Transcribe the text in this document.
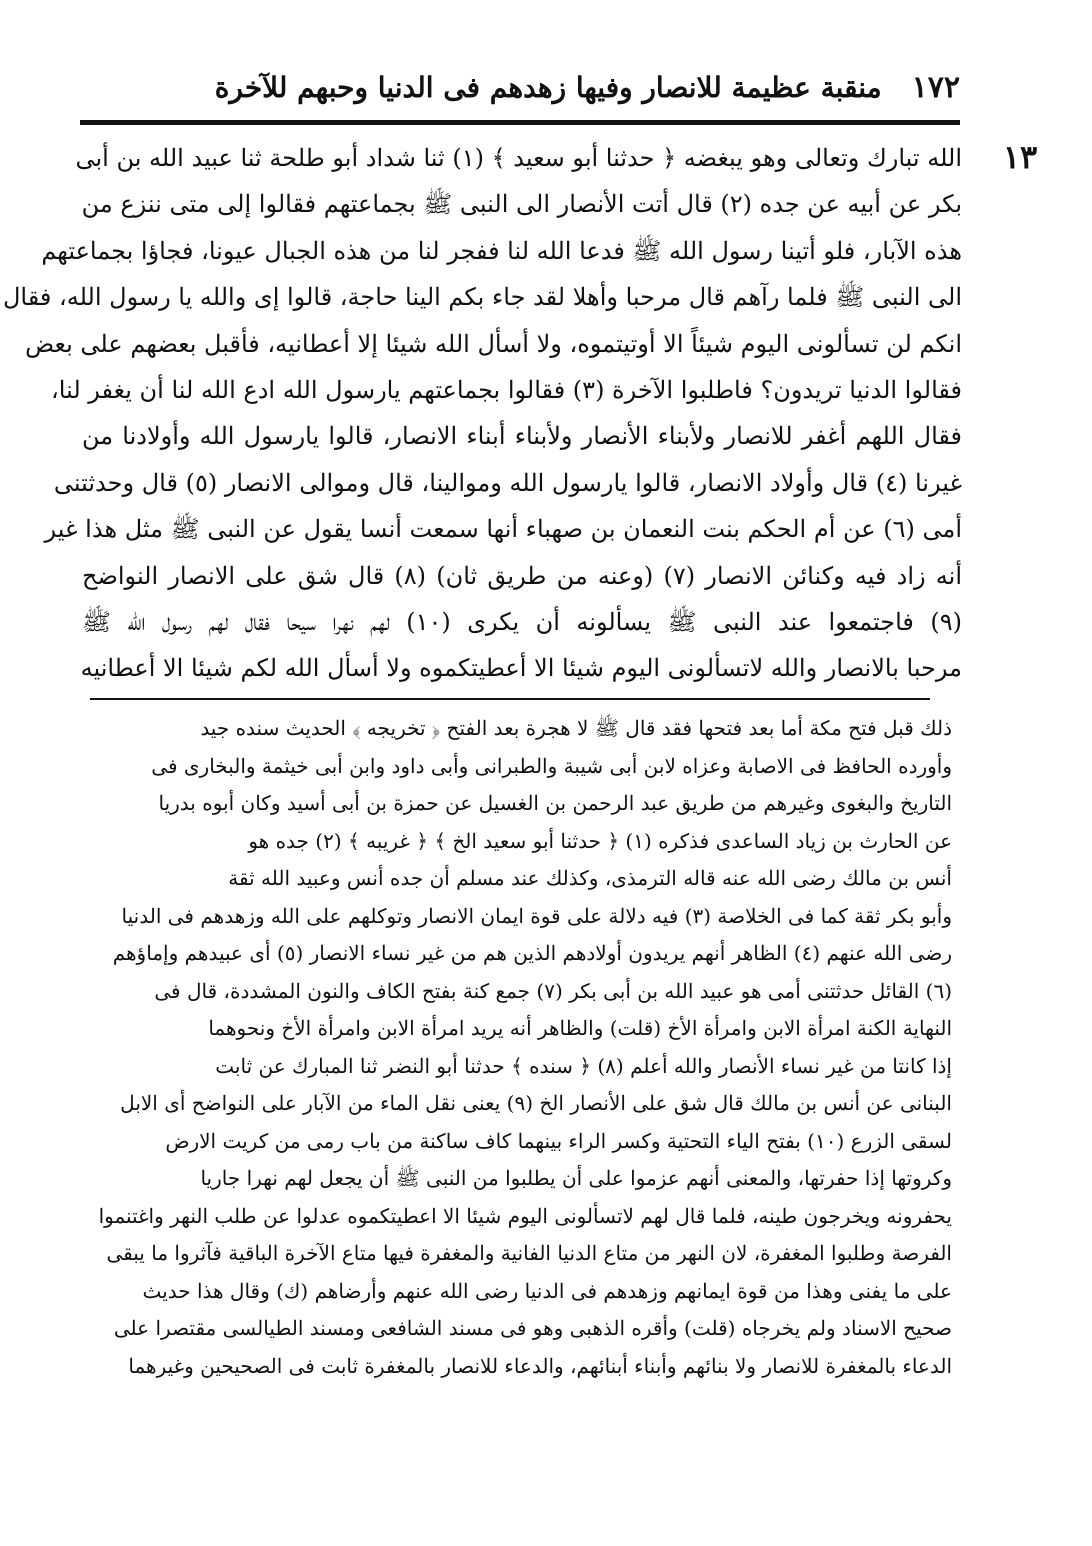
١٧٢
منقبة عظيمة للانصار وفيها زهدهم فى الدنيا وحبهم للآخرة
١٣
الله تبارك وتعالى وهو يبغضه ﴿ حدثنا أبو سعيد ﴾ (١) ثنا شداد أبو طلحة ثنا عبيد الله بن أبى
بكر عن أبيه عن جده (٢) قال أتت الأنصار الى النبى ﷺ بجماعتهم فقالوا إلى متى ننزع من
هذه الآبار، فلو أتينا رسول الله ﷺ فدعا الله لنا ففجر لنا من هذه الجبال عيونا، فجاؤا بجماعتهم
الى النبى ﷺ فلما رآهم قال مرحبا وأهلا لقد جاء بكم الينا حاجة، قالوا إى والله يا رسول الله، فقال
انكم لن تسألونى اليوم شيئاً الا أوتيتموه، ولا أسأل الله شيئا إلا أعطانيه، فأقبل بعضهم على بعض
فقالوا الدنيا تريدون؟ فاطلبوا الآخرة (٣) فقالوا بجماعتهم يارسول الله ادع الله لنا أن يغفر لنا،
فقال اللهم أغفر للانصار ولأبناء الأنصار ولأبناء أبناء الانصار، قالوا يارسول الله وأولادنا من
غيرنا (٤) قال وأولاد الانصار، قالوا يارسول الله وموالينا، قال وموالى الانصار (٥) قال وحدثتنى
أمى (٦) عن أم الحكم بنت النعمان بن صهباء أنها سمعت أنسا يقول عن النبى ﷺ مثل هذا غير
أنه زاد فيه وكنائن الانصار (٧) (وعنه من طريق ثان) (٨) قال شق على الانصار النواضح
(٩) فاجتمعوا عند النبى ﷺ يسألونه أن يكرى (١٠) لهم نهرا سيحا فقال لهم رسول الله ﷺ
مرحبا بالانصار والله لاتسألونى اليوم شيئا الا أعطيتكموه ولا أسأل الله لكم شيئا الا أعطانيه
ذلك قبل فتح مكة أما بعد فتحها فقد قال ﷺ لا هجرة بعد الفتح ﴿ تخريجه ﴾ الحديث سنده جيد
وأورده الحافظ فى الاصابة وعزاه لابن أبى شيبة والطبرانى وأبى داود وابن أبى خيثمة والبخارى فى
التاريخ والبغوى وغيرهم من طريق عبد الرحمن بن الغسيل عن حمزة بن أبى أسيد وكان أبوه بدريا
عن الحارث بن زياد الساعدى فذكره (١) ﴿ حدثنا أبو سعيد الخ ﴾ ﴿ غريبه ﴾ (٢) جده هو
أنس بن مالك رضى الله عنه قاله الترمذى، وكذلك عند مسلم أن جده أنس وعبيد الله ثقة
وأبو بكر ثقة كما فى الخلاصة (٣) فيه دلالة على قوة ايمان الانصار وتوكلهم على الله وزهدهم فى الدنيا
رضى الله عنهم (٤) الظاهر أنهم يريدون أولادهم الذين هم من غير نساء الانصار (٥) أى عبيدهم وإماؤهم
(٦) القائل حدثتنى أمى هو عبيد الله بن أبى بكر (٧) جمع كنة بفتح الكاف والنون المشددة، قال فى
النهاية الكنة امرأة الابن وامرأة الأخ (قلت) والظاهر أنه يريد امرأة الابن وامرأة الأخ ونحوهما
إذا كانتا من غير نساء الأنصار والله أعلم (٨) ﴿ سنده ﴾ حدثنا أبو النضر ثنا المبارك عن ثابت
البنانى عن أنس بن مالك قال شق على الأنصار الخ (٩) يعنى نقل الماء من الآبار على النواضح أى الابل
لسقى الزرع (١٠) بفتح الياء التحتية وكسر الراء بينهما كاف ساكنة من باب رمى من كريت الارض
وكروتها إذا حفرتها، والمعنى أنهم عزموا على أن يطلبوا من النبى ﷺ أن يجعل لهم نهرا جاريا
يحفرونه ويخرجون طينه، فلما قال لهم لاتسألونى اليوم شيئا الا اعطيتكموه عدلوا عن طلب النهر واغتنموا
الفرصة وطلبوا المغفرة، لان النهر من متاع الدنيا الفانية والمغفرة فيها متاع الآخرة الباقية فآثروا ما يبقى
على ما يفنى وهذا من قوة ايمانهم وزهدهم فى الدنيا رضى الله عنهم وأرضاهم (ك) وقال هذا حديث
صحيح الاسناد ولم يخرجاه (قلت) وأقره الذهبى وهو فى مسند الشافعى ومسند الطيالسى مقتصرا على
الدعاء بالمغفرة للانصار ولا بنائهم وأبناء أبنائهم، والدعاء للانصار بالمغفرة ثابت فى الصحيحين وغيرهما
